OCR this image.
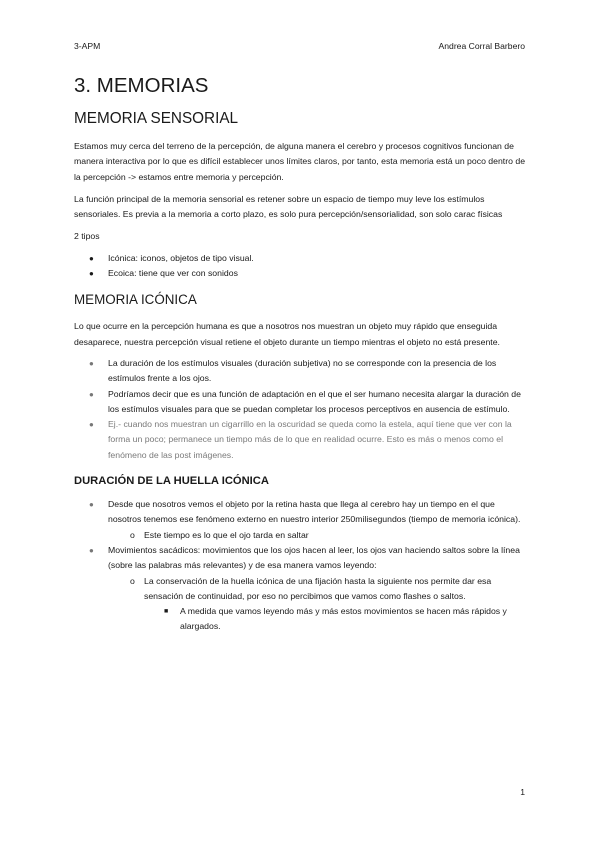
3-APM	Andrea Corral Barbero
3. MEMORIAS
MEMORIA SENSORIAL

Estamos muy cerca del terreno de la percepción, de alguna manera el cerebro y procesos cognitivos funcionan de manera interactiva por lo que es difícil establecer unos límites claros, por tanto, esta memoria está un poco dentro de la percepción -> estamos entre memoria y percepción.

La función principal de la memoria sensorial es retener sobre un espacio de tiempo muy leve los estímulos sensoriales. Es previa a la memoria a corto plazo, es solo pura percepción/sensorialidad, son solo carac físicas

2 tipos

● Icónica: iconos, objetos de tipo visual.
● Ecoica: tiene que ver con sonidos
MEMORIA ICÓNICA

Lo que ocurre en la percepción humana es que a nosotros nos muestran un objeto muy rápido que enseguida desaparece, nuestra percepción visual retiene el objeto durante un tiempo mientras el objeto no está presente.

● La duración de los estímulos visuales (duración subjetiva) no se corresponde con la presencia de los estímulos frente a los ojos.
● Podríamos decir que es una función de adaptación en el que el ser humano necesita alargar la duración de los estímulos visuales para que se puedan completar los procesos perceptivos en ausencia de estímulo.
● Ej.- cuando nos muestran un cigarrillo en la oscuridad se queda como la estela, aquí tiene que ver con la forma un poco; permanece un tiempo más de lo que en realidad ocurre. Esto es más o menos como el fenómeno de las post imágenes.
DURACIÓN DE LA HUELLA ICÓNICA
● Desde que nosotros vemos el objeto por la retina hasta que llega al cerebro hay un tiempo en el que nosotros tenemos ese fenómeno externo en nuestro interior 250milisegundos (tiempo de memoria icónica).
o Este tiempo es lo que el ojo tarda en saltar
● Movimientos sacádicos: movimientos que los ojos hacen al leer, los ojos van haciendo saltos sobre la línea (sobre las palabras más relevantes) y de esa manera vamos leyendo:
o La conservación de la huella icónica de una fijación hasta la siguiente nos permite dar esa sensación de continuidad, por eso no percibimos que vamos como flashes o saltos.
■ A medida que vamos leyendo más y más estos movimientos se hacen más rápidos y alargados.
1
